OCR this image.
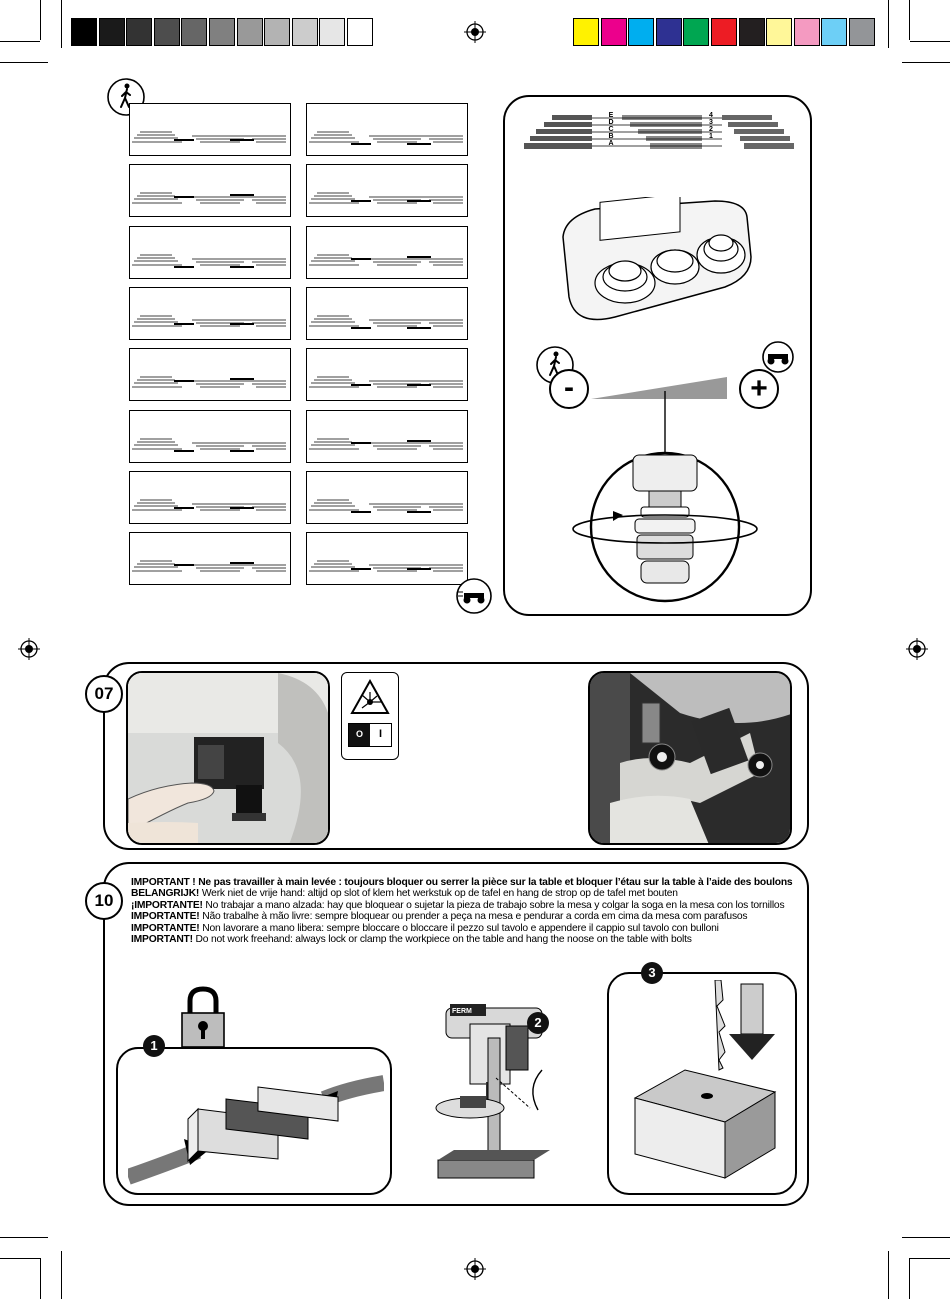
E
D
C
B
A
4
3
2
1
-	+
07
O	I
10
IMPORTANT ! Ne pas travailler à main levée : toujours bloquer ou serrer la pièce sur la table et bloquer l’étau sur la table à l’aide des boulons
BELANGRIJK! Werk niet de vrije hand: altijd op slot of klem het werkstuk op de tafel en hang de strop op de tafel met bouten
¡IMPORTANTE! No trabajar a mano alzada: hay que bloquear o sujetar la pieza de trabajo sobre la mesa y colgar la soga en la mesa con los tornillos
IMPORTANTE! Não trabalhe à mão livre: sempre bloquear ou prender a peça na mesa e pendurar a corda em cima da mesa com parafusos
IMPORTANTE! Non lavorare a mano libera: sempre bloccare o bloccare il pezzo sul tavolo e appendere il cappio sul tavolo con bulloni
IMPORTANT! Do not work freehand: always lock or clamp the workpiece on the table and hang the noose on the table with bolts
1
FERM
2
3
